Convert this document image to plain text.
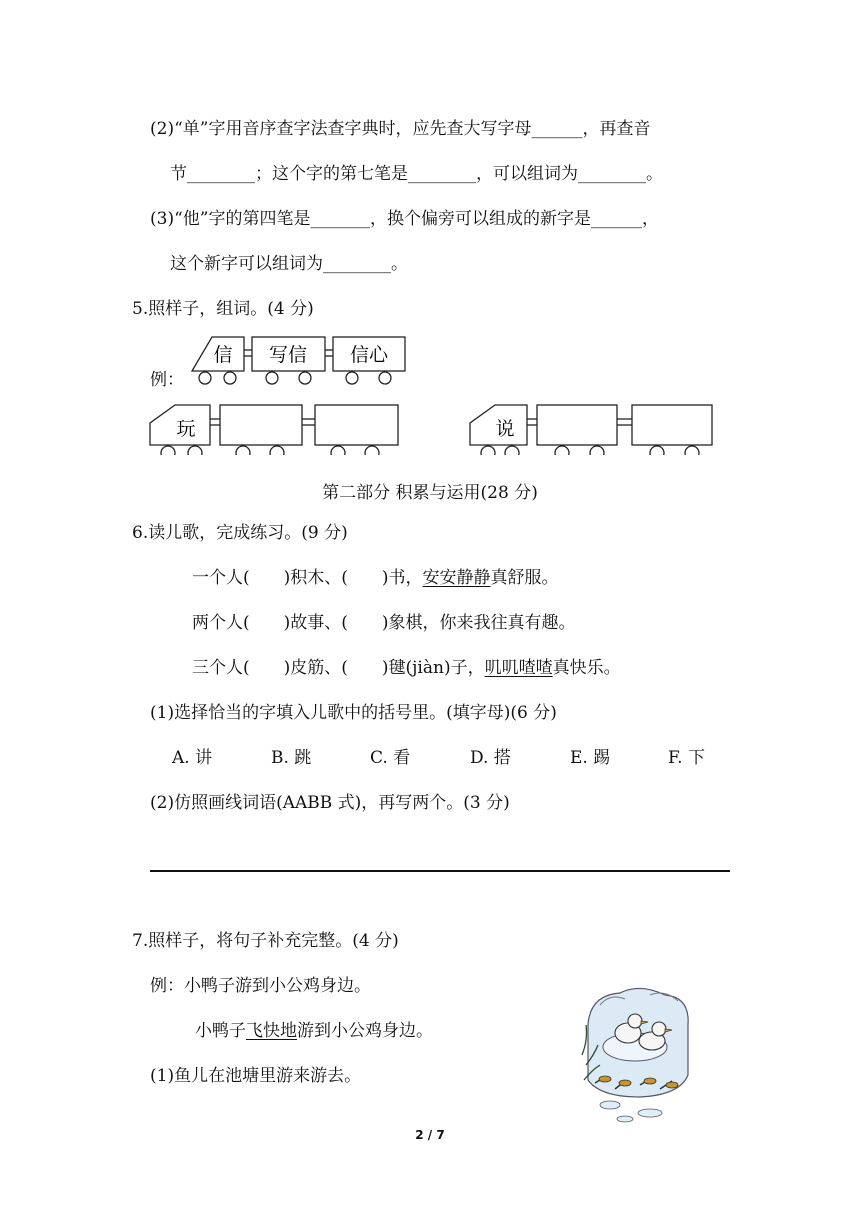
(2)“单”字用音序查字法查字典时，应先查大写字母______，再查音
节________；这个字的第七笔是________，可以组词为________。
(3)“他”字的第四笔是_______，换个偏旁可以组成的新字是______，
这个新字可以组词为________。
5.照样子，组词。(4 分)
例：
信 写信 信心
玩	说
第二部分 积累与运用(28 分)
6.读儿歌，完成练习。(9 分)
一个人(　　)积木、(　　)书，安安静静真舒服。
两个人(　　)故事、(　　)象棋，你来我往真有趣。
三个人(　　)皮筋、(　　)毽(jiàn)子，叽叽喳喳真快乐。
(1)选择恰当的字填入儿歌中的括号里。(填字母)(6 分)
A. 讲	B. 跳	C. 看	D. 搭	E. 踢	F. 下
(2)仿照画线词语(AABB 式)，再写两个。(3 分)
7.照样子，将句子补充完整。(4 分)
例：小鸭子游到小公鸡身边。
小鸭子飞快地游到小公鸡身边。
(1)鱼儿在池塘里游来游去。
2 / 7
